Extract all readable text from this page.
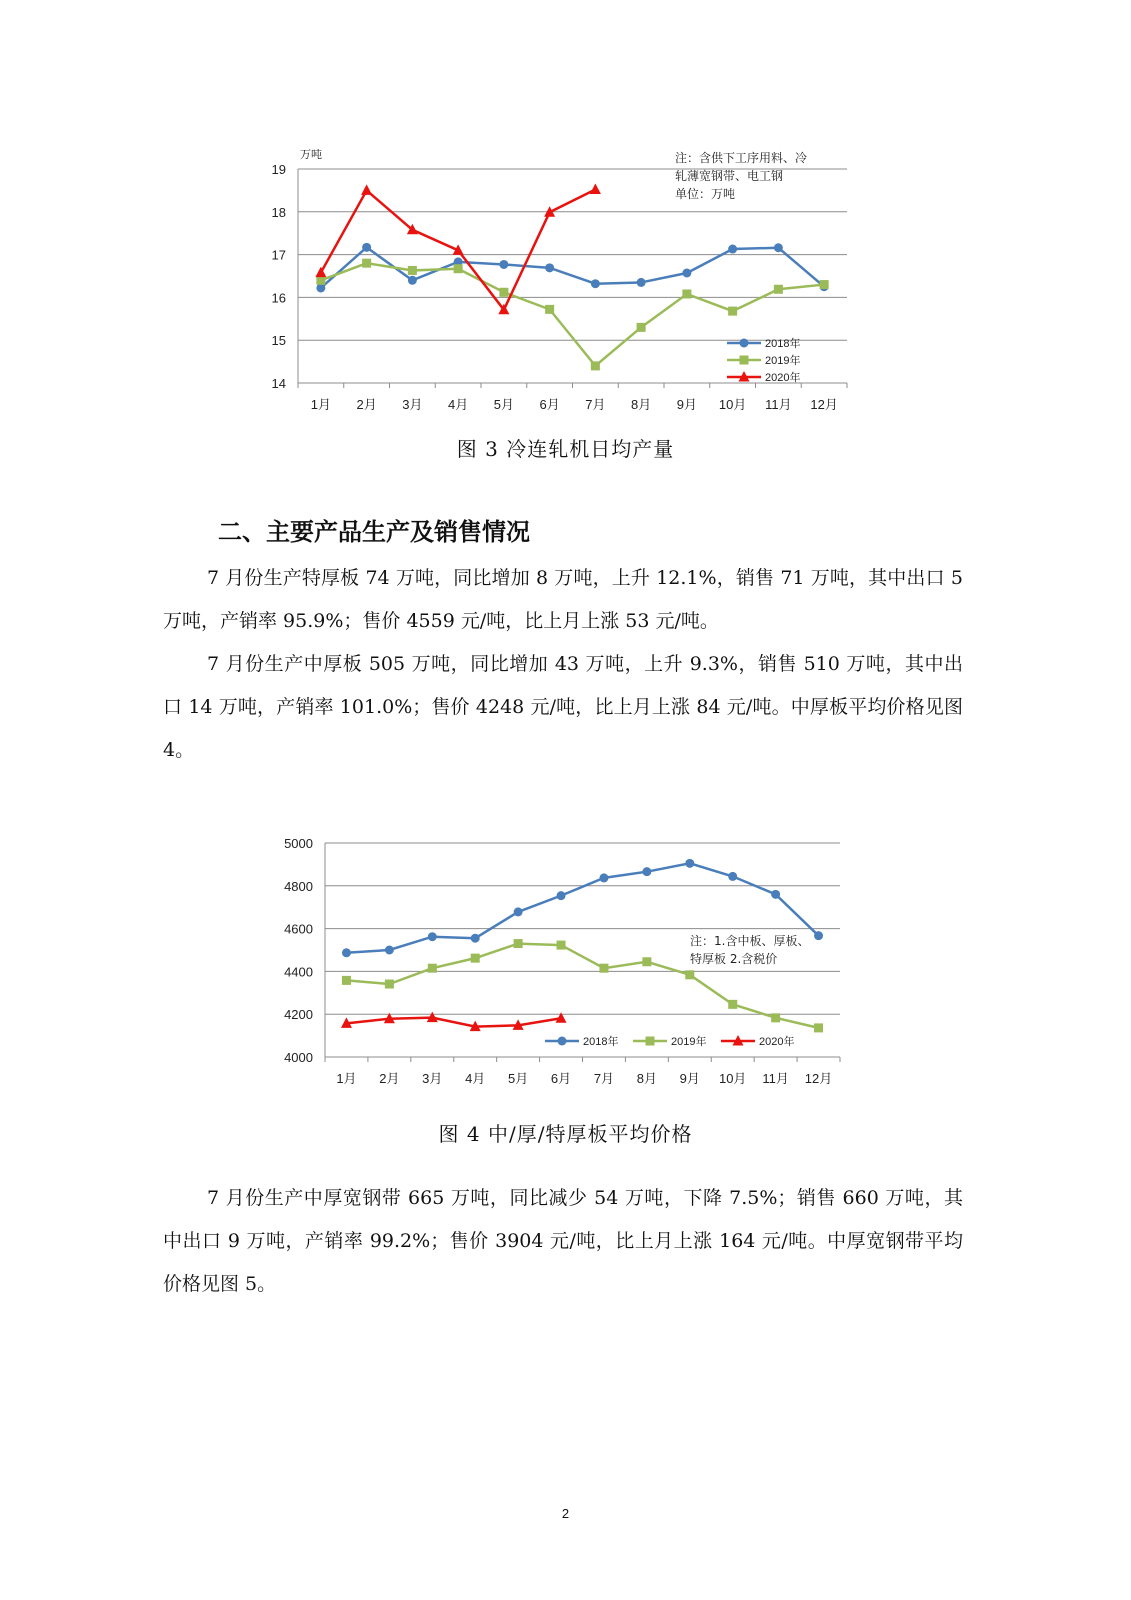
14
15
16
17
18
19
1月 2月 3月 4月 5月 6月 7月 8月 9月 10月 11月 12月
万吨
2018年
2019年
2020年
注：含供下工序用料、冷
轧薄宽钢带、电工钢
单位：万吨
图 3 冷连轧机日均产量
二、主要产品生产及销售情况

7 月份生产特厚板 74 万吨，同比增加 8 万吨，上升 12.1%，销售 71 万吨，其中出口 5 万吨，产销率 95.9%；售价 4559 元/吨，比上月上涨 53 元/吨。

7 月份生产中厚板 505 万吨，同比增加 43 万吨，上升 9.3%，销售 510 万吨，其中出口 14 万吨，产销率 101.0%；售价 4248 元/吨，比上月上涨 84 元/吨。中厚板平均价格见图 4。

4000
4200
4400
4600
4800
5000
1月 2月 3月 4月 5月 6月 7月 8月 9月 10月 11月 12月
2018年	2019年	2020年
注：1.含中板、厚板、
特厚板 2.含税价
图 4 中/厚/特厚板平均价格

7 月份生产中厚宽钢带 665 万吨，同比减少 54 万吨，下降 7.5%；销售 660 万吨，其中出口 9 万吨，产销率 99.2%；售价 3904 元/吨，比上月上涨 164 元/吨。中厚宽钢带平均价格见图 5。

2
